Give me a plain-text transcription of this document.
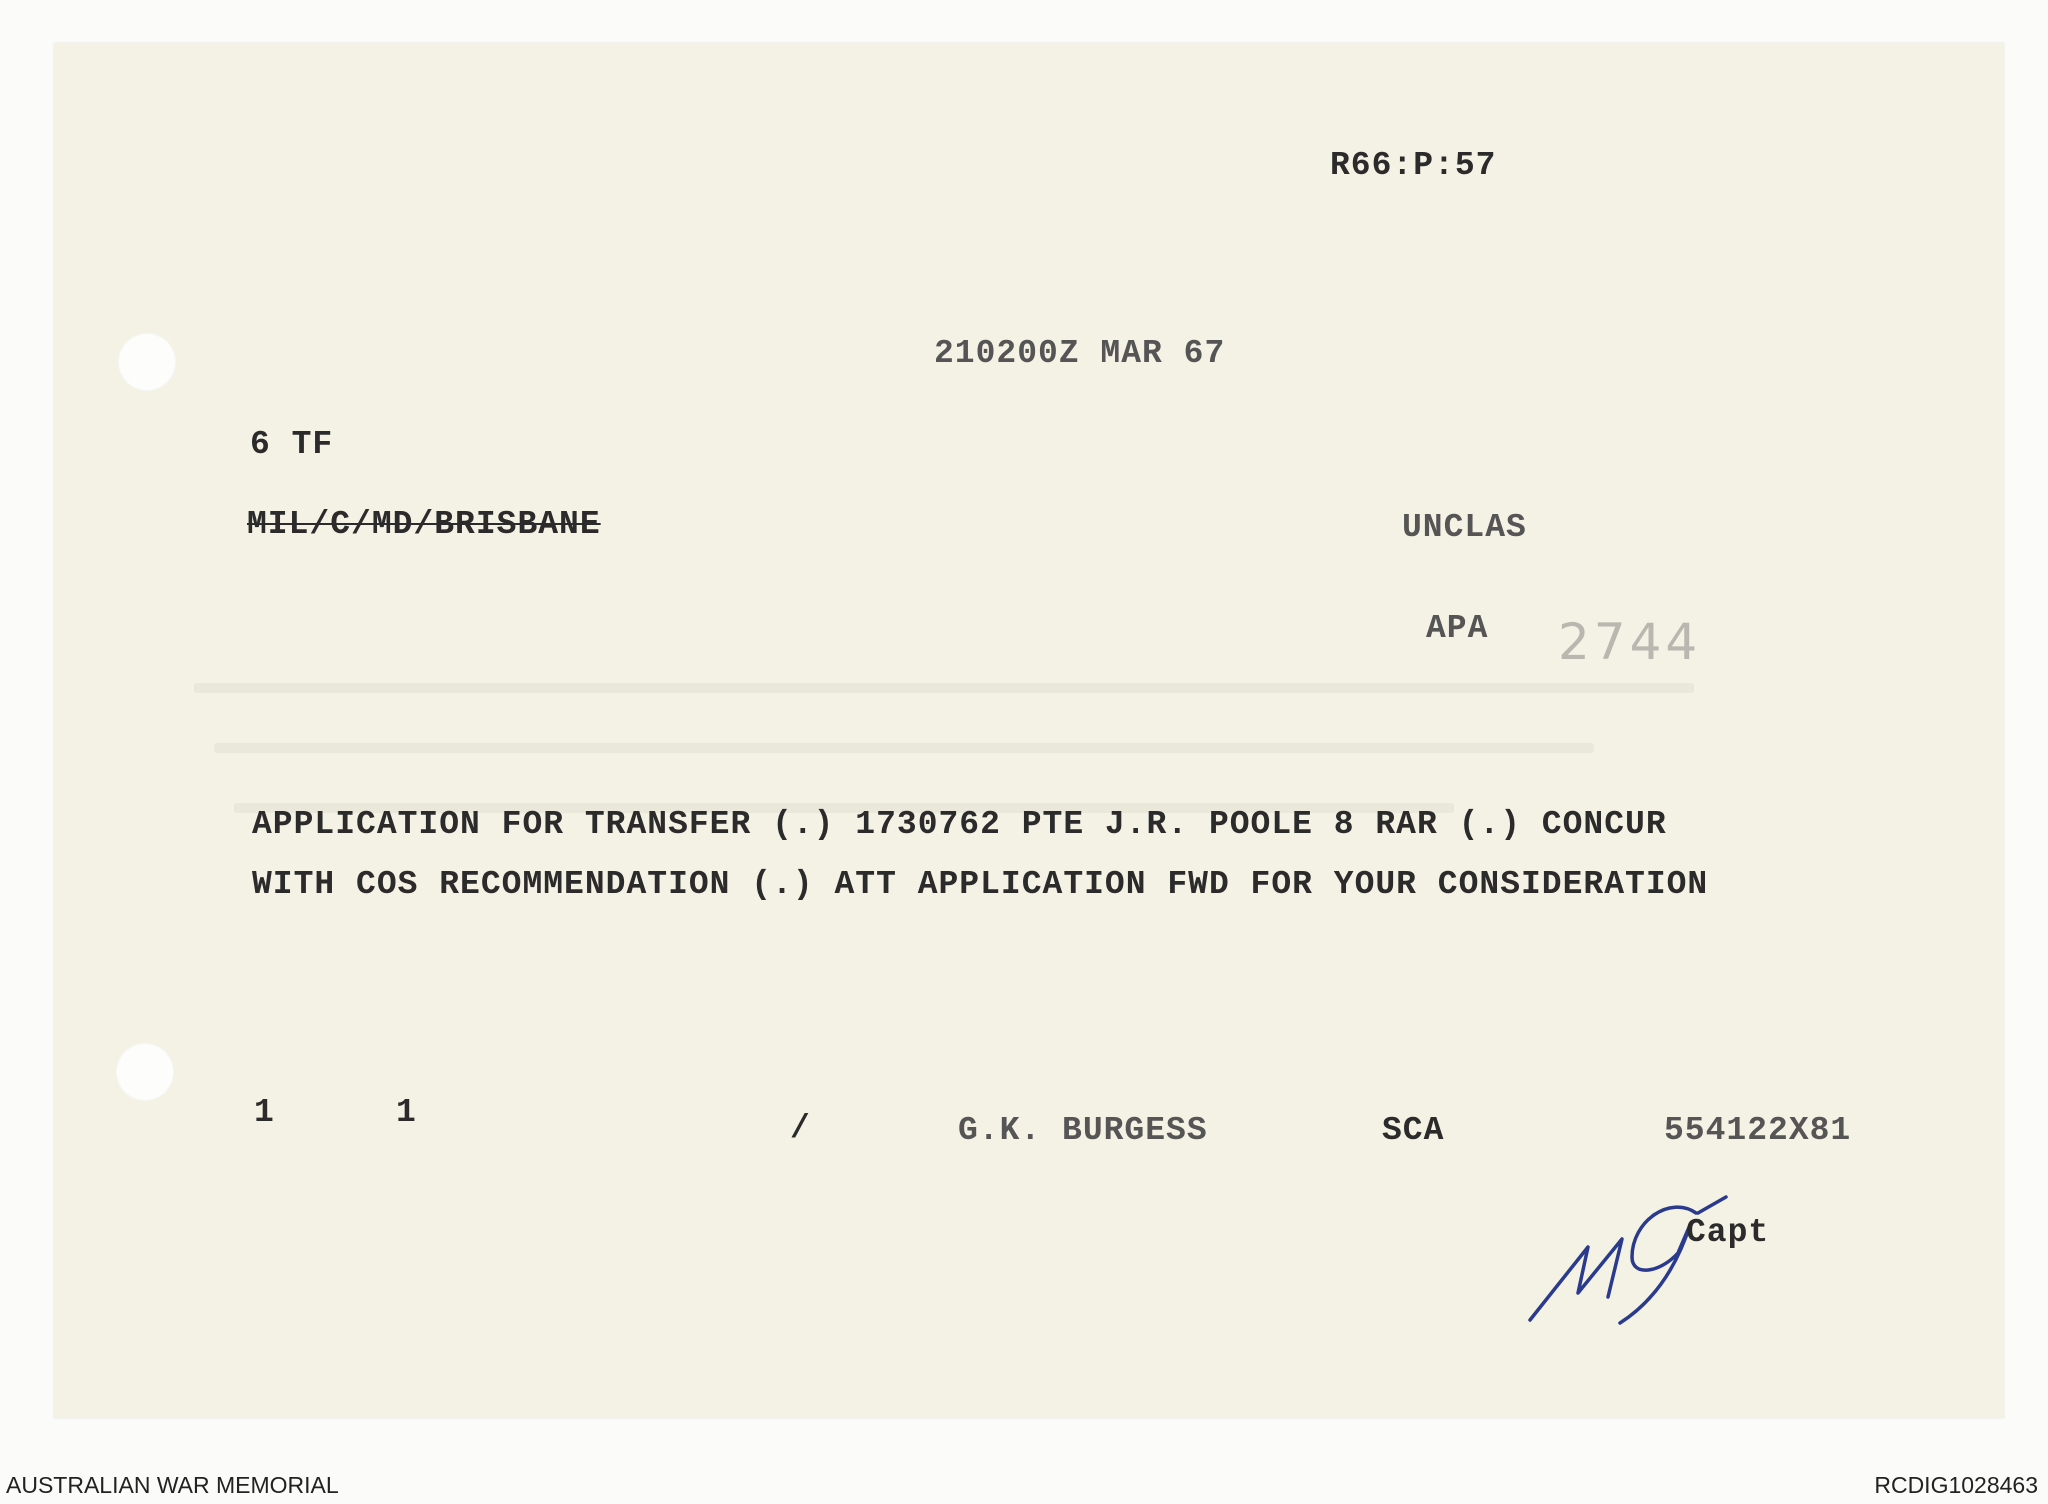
R66:P:57
210200Z MAR 67
6 TF
MIL/C/MD/BRISBANE	UNCLAS
APA 2744
APPLICATION FOR TRANSFER (.) 1730762 PTE J.R. POOLE 8 RAR (.) CONCUR
WITH COS RECOMMENDATION (.) ATT APPLICATION FWD FOR YOUR CONSIDERATION
1	1	/	G.K. BURGESS	SCA	554122X81
Capt
AUSTRALIAN WAR MEMORIAL	RCDIG1028463
